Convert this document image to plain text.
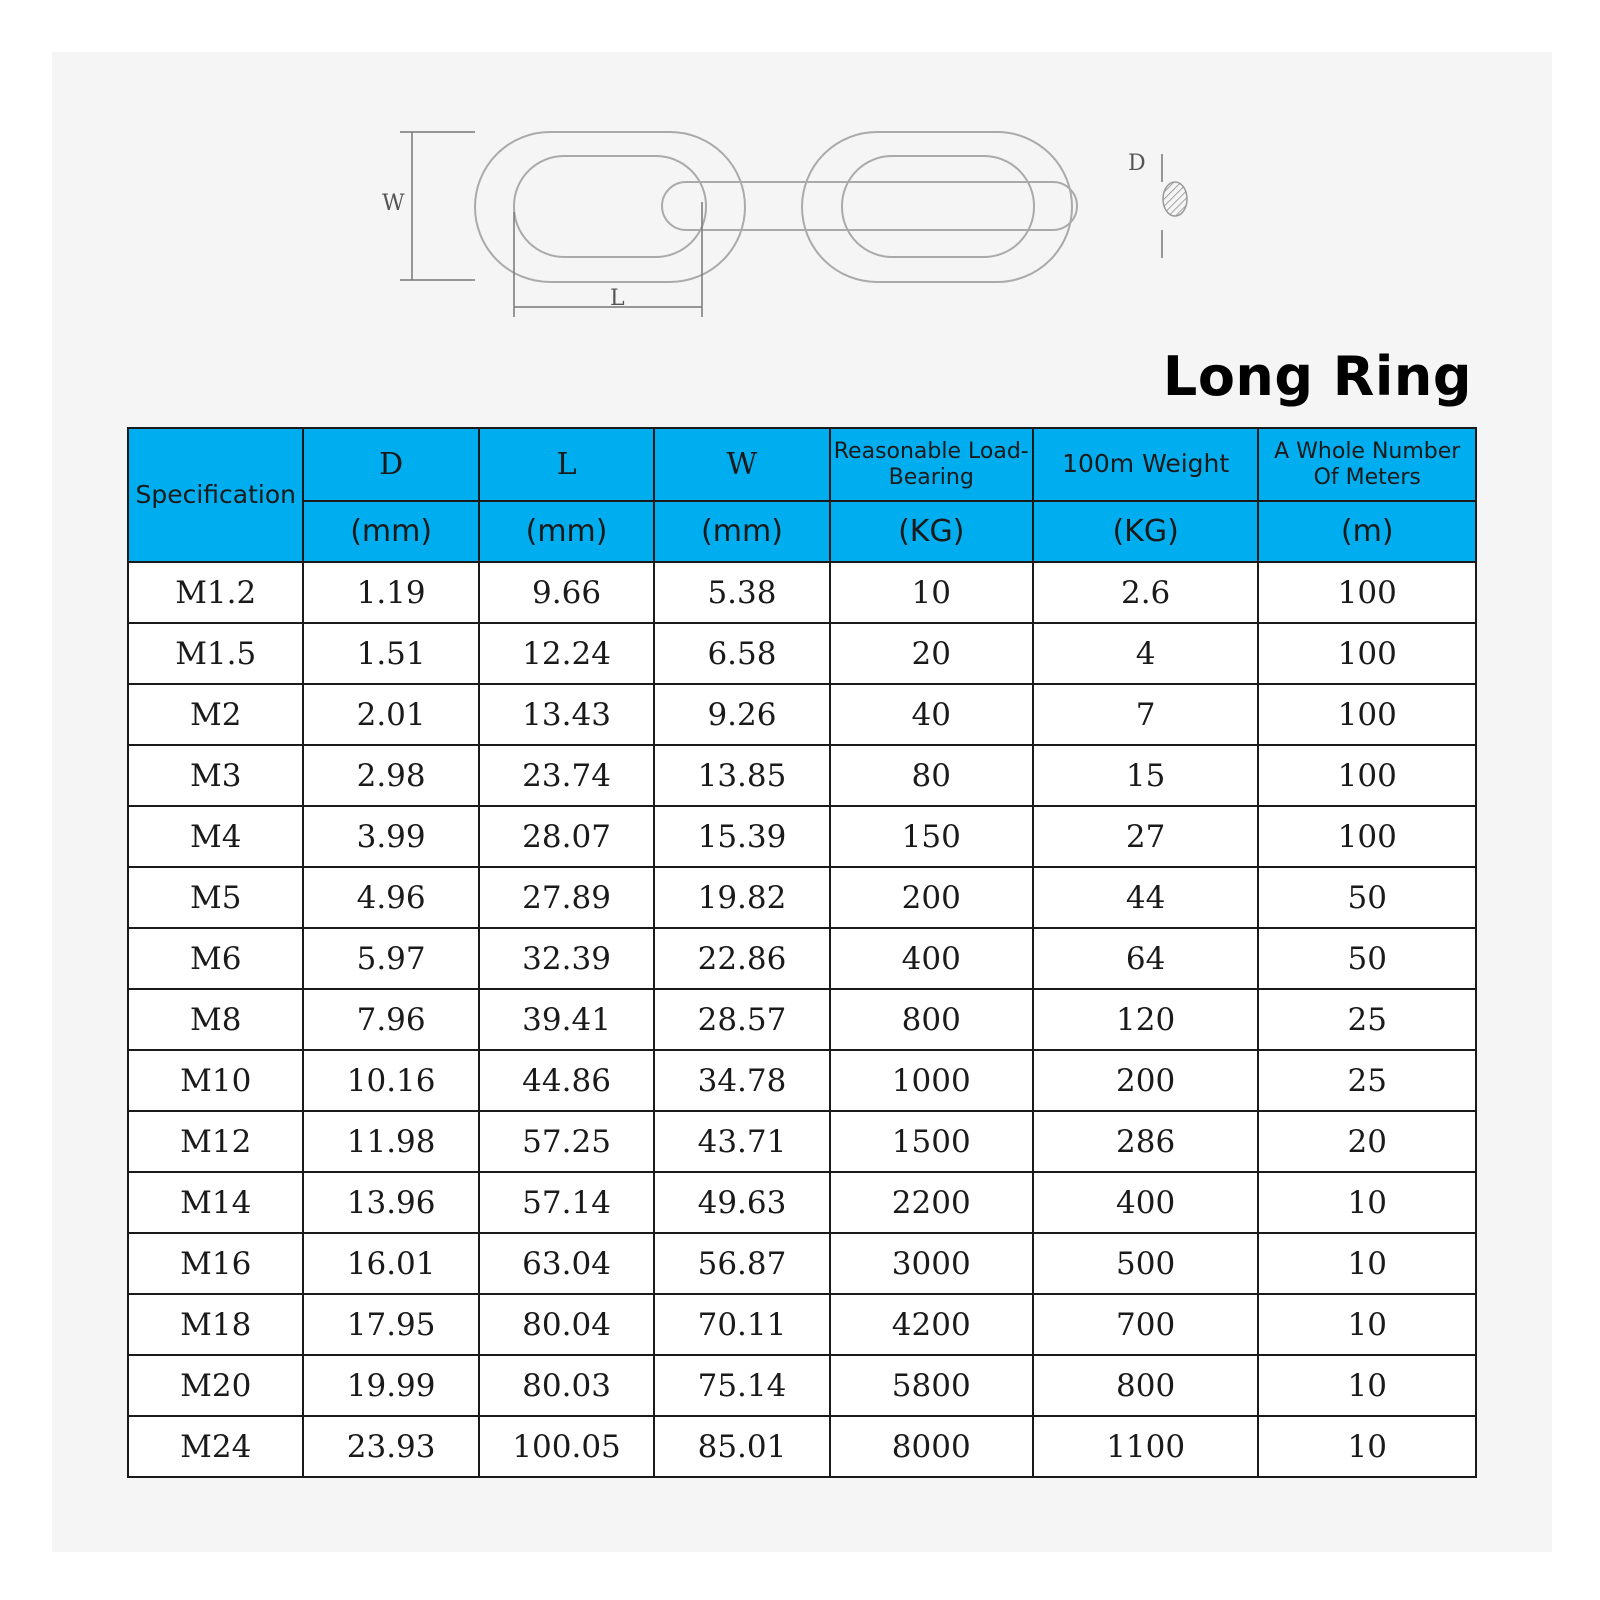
W
L
D
Long Ring
Specification	D	L	W	Reasonable Load-Bearing	100m Weight	A Whole Number Of Meters
	(mm)	(mm)	(mm)	(KG)	(KG)	(m)
M1.2	1.19	9.66	5.38	10	2.6	100
M1.5	1.51	12.24	6.58	20	4	100
M2	2.01	13.43	9.26	40	7	100
M3	2.98	23.74	13.85	80	15	100
M4	3.99	28.07	15.39	150	27	100
M5	4.96	27.89	19.82	200	44	50
M6	5.97	32.39	22.86	400	64	50
M8	7.96	39.41	28.57	800	120	25
M10	10.16	44.86	34.78	1000	200	25
M12	11.98	57.25	43.71	1500	286	20
M14	13.96	57.14	49.63	2200	400	10
M16	16.01	63.04	56.87	3000	500	10
M18	17.95	80.04	70.11	4200	700	10
M20	19.99	80.03	75.14	5800	800	10
M24	23.93	100.05	85.01	8000	1100	10
